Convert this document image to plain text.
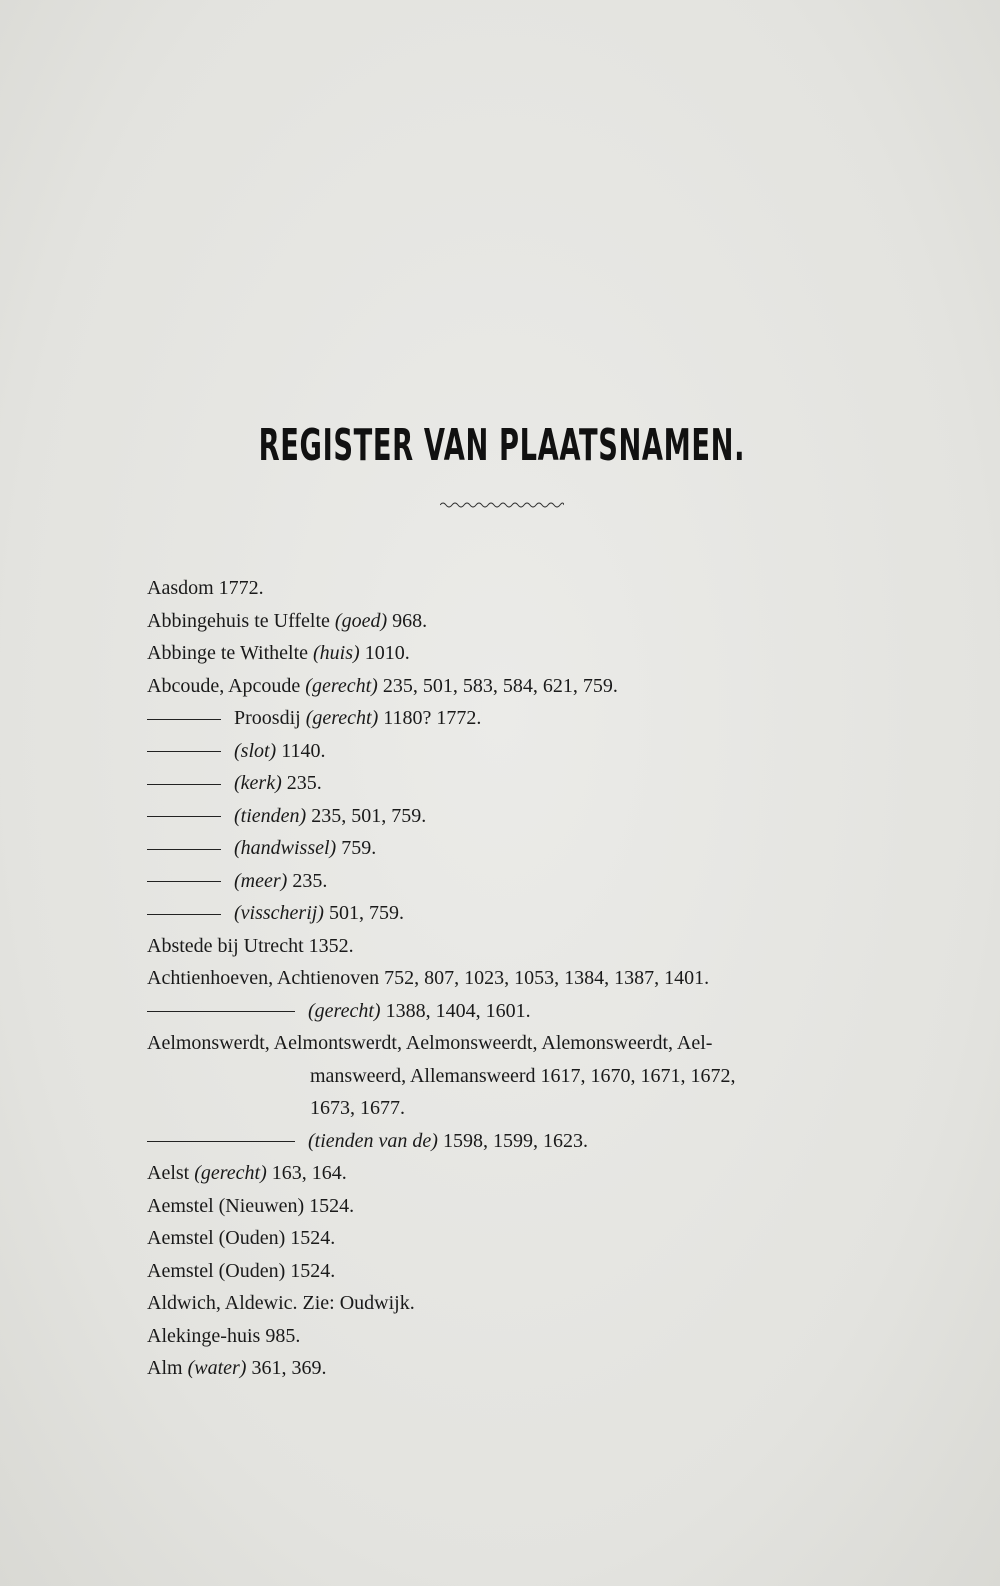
REGISTER VAN PLAATSNAMEN.
Aasdom 1772.
Abbingehuis te Uffelte (goed) 968.
Abbinge te Withelte (huis) 1010.
Abcoude, Apcoude (gerecht) 235, 501, 583, 584, 621, 759.
Proosdij (gerecht) 1180? 1772.
(slot) 1140.
(kerk) 235.
(tienden) 235, 501, 759.
(handwissel) 759.
(meer) 235.
(visscherij) 501, 759.
Abstede bij Utrecht 1352.
Achtienhoeven, Achtienoven 752, 807, 1023, 1053, 1384, 1387, 1401.
(gerecht) 1388, 1404, 1601.
Aelmonswerdt, Aelmontswerdt, Aelmonsweerdt, Alemonsweerdt, Ael-
mansweerd, Allemansweerd 1617, 1670, 1671, 1672,
1673, 1677.
(tienden van de) 1598, 1599, 1623.
Aelst (gerecht) 163, 164.
Aemstel (Nieuwen) 1524.
Aemstel (Ouden) 1524.
Aemstel (Ouden) 1524.
Aldwich, Aldewic. Zie: Oudwijk.
Alekinge-huis 985.
Alm (water) 361, 369.
